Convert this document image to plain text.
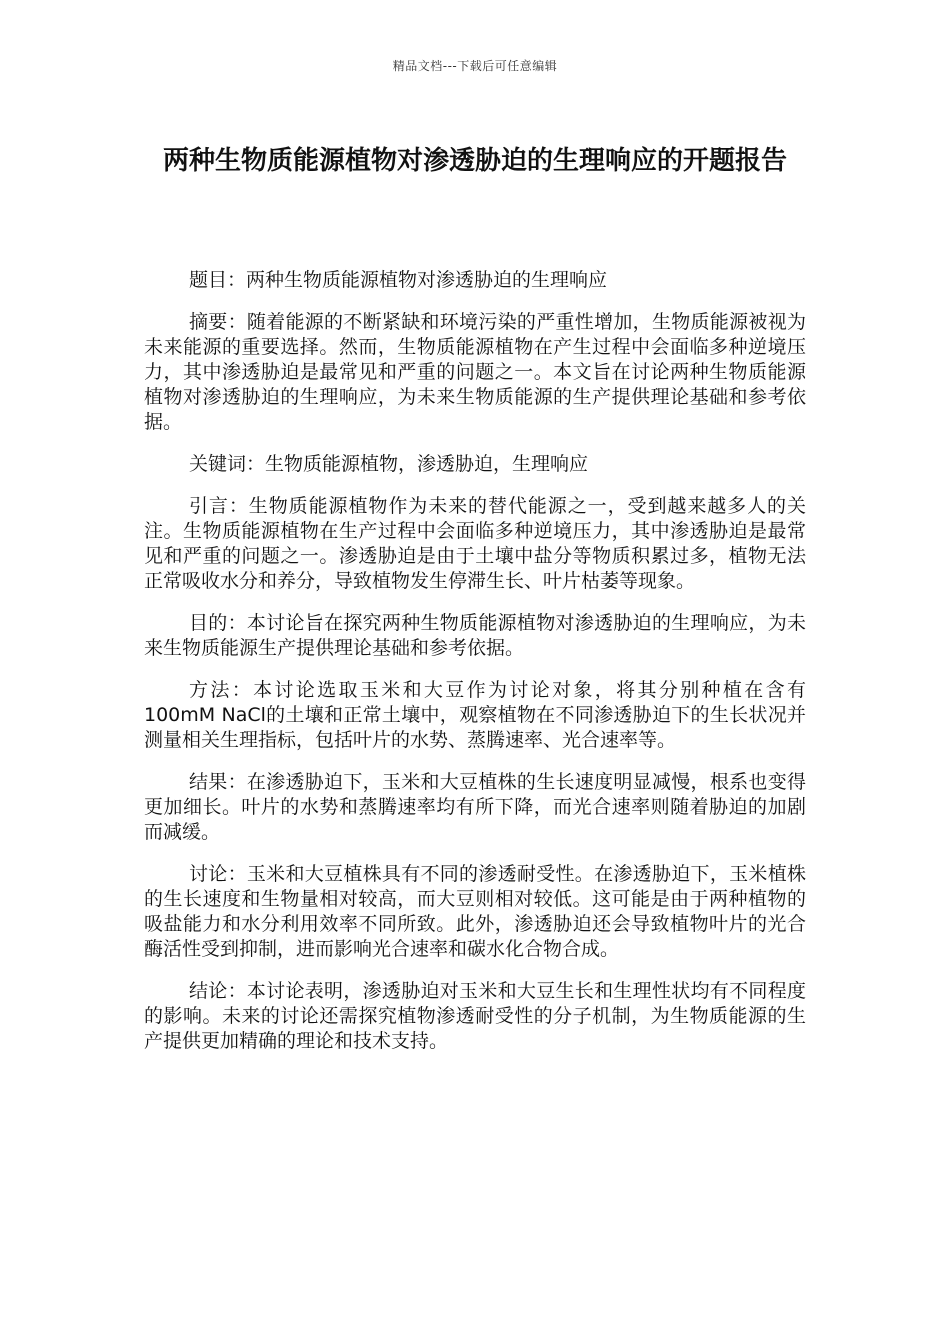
精品文档---下载后可任意编辑
两种生物质能源植物对渗透胁迫的生理响应的开题报告

题目：两种生物质能源植物对渗透胁迫的生理响应

摘要：随着能源的不断紧缺和环境污染的严重性增加，生物质能源被视为未来能源的重要选择。然而，生物质能源植物在产生过程中会面临多种逆境压力，其中渗透胁迫是最常见和严重的问题之一。本文旨在讨论两种生物质能源植物对渗透胁迫的生理响应，为未来生物质能源的生产提供理论基础和参考依据。

关键词：生物质能源植物，渗透胁迫，生理响应

引言：生物质能源植物作为未来的替代能源之一，受到越来越多人的关注。生物质能源植物在生产过程中会面临多种逆境压力，其中渗透胁迫是最常见和严重的问题之一。渗透胁迫是由于土壤中盐分等物质积累过多，植物无法正常吸收水分和养分，导致植物发生停滞生长、叶片枯萎等现象。

目的：本讨论旨在探究两种生物质能源植物对渗透胁迫的生理响应，为未来生物质能源生产提供理论基础和参考依据。

方法：本讨论选取玉米和大豆作为讨论对象，将其分别种植在含有100mM NaCl的土壤和正常土壤中，观察植物在不同渗透胁迫下的生长状况并测量相关生理指标，包括叶片的水势、蒸腾速率、光合速率等。

结果：在渗透胁迫下，玉米和大豆植株的生长速度明显减慢，根系也变得更加细长。叶片的水势和蒸腾速率均有所下降，而光合速率则随着胁迫的加剧而减缓。

讨论：玉米和大豆植株具有不同的渗透耐受性。在渗透胁迫下，玉米植株的生长速度和生物量相对较高，而大豆则相对较低。这可能是由于两种植物的吸盐能力和水分利用效率不同所致。此外，渗透胁迫还会导致植物叶片的光合酶活性受到抑制，进而影响光合速率和碳水化合物合成。

结论：本讨论表明，渗透胁迫对玉米和大豆生长和生理性状均有不同程度的影响。未来的讨论还需探究植物渗透耐受性的分子机制，为生物质能源的生产提供更加精确的理论和技术支持。
